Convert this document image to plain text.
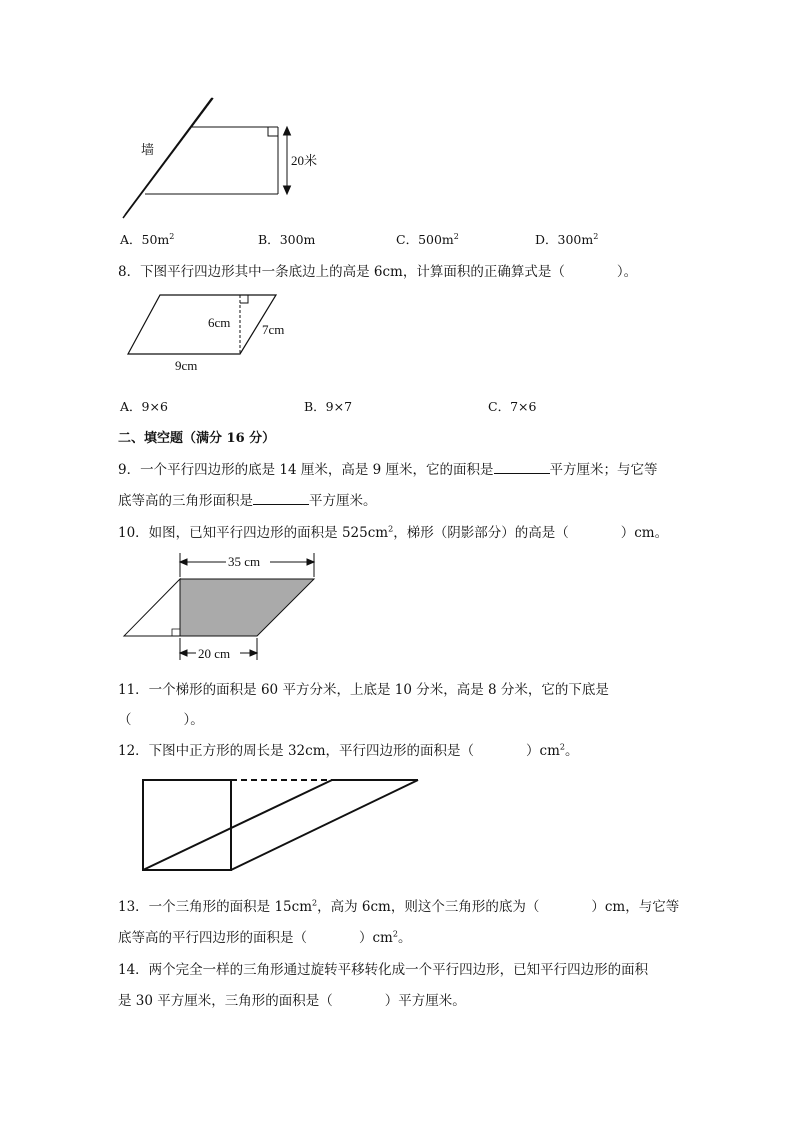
墙
20米
A．$50m^2$	B．300m	C．$500m^2$	D．$300m^2$
8．下图平行四边形其中一条底边上的高是 6cm，计算面积的正确算式是（	）。
6cm 7cm
9cm
A．9×6	B．9×7	C．7×6
二、填空题（满分 16 分）
9．一个平行四边形的底是 14 厘米，高是 9 厘米，它的面积是	平方厘米；与它等
底等高的三角形面积是	平方厘米。
10．如图，已知平行四边形的面积是 $525cm^2$，梯形（阴影部分）的高是（	）cm。
35 cm
20 cm
11．一个梯形的面积是 60 平方分米，上底是 10 分米，高是 8 分米，它的下底是
（	）。
12．下图中正方形的周长是 32cm，平行四边形的面积是（	）$cm^2$。
13．一个三角形的面积是 $15cm^2$，高为 6cm，则这个三角形的底为（	）cm，与它等
底等高的平行四边形的面积是（	）$cm^2$。
14．两个完全一样的三角形通过旋转平移转化成一个平行四边形，已知平行四边形的面积
是 30 平方厘米，三角形的面积是（	）平方厘米。
